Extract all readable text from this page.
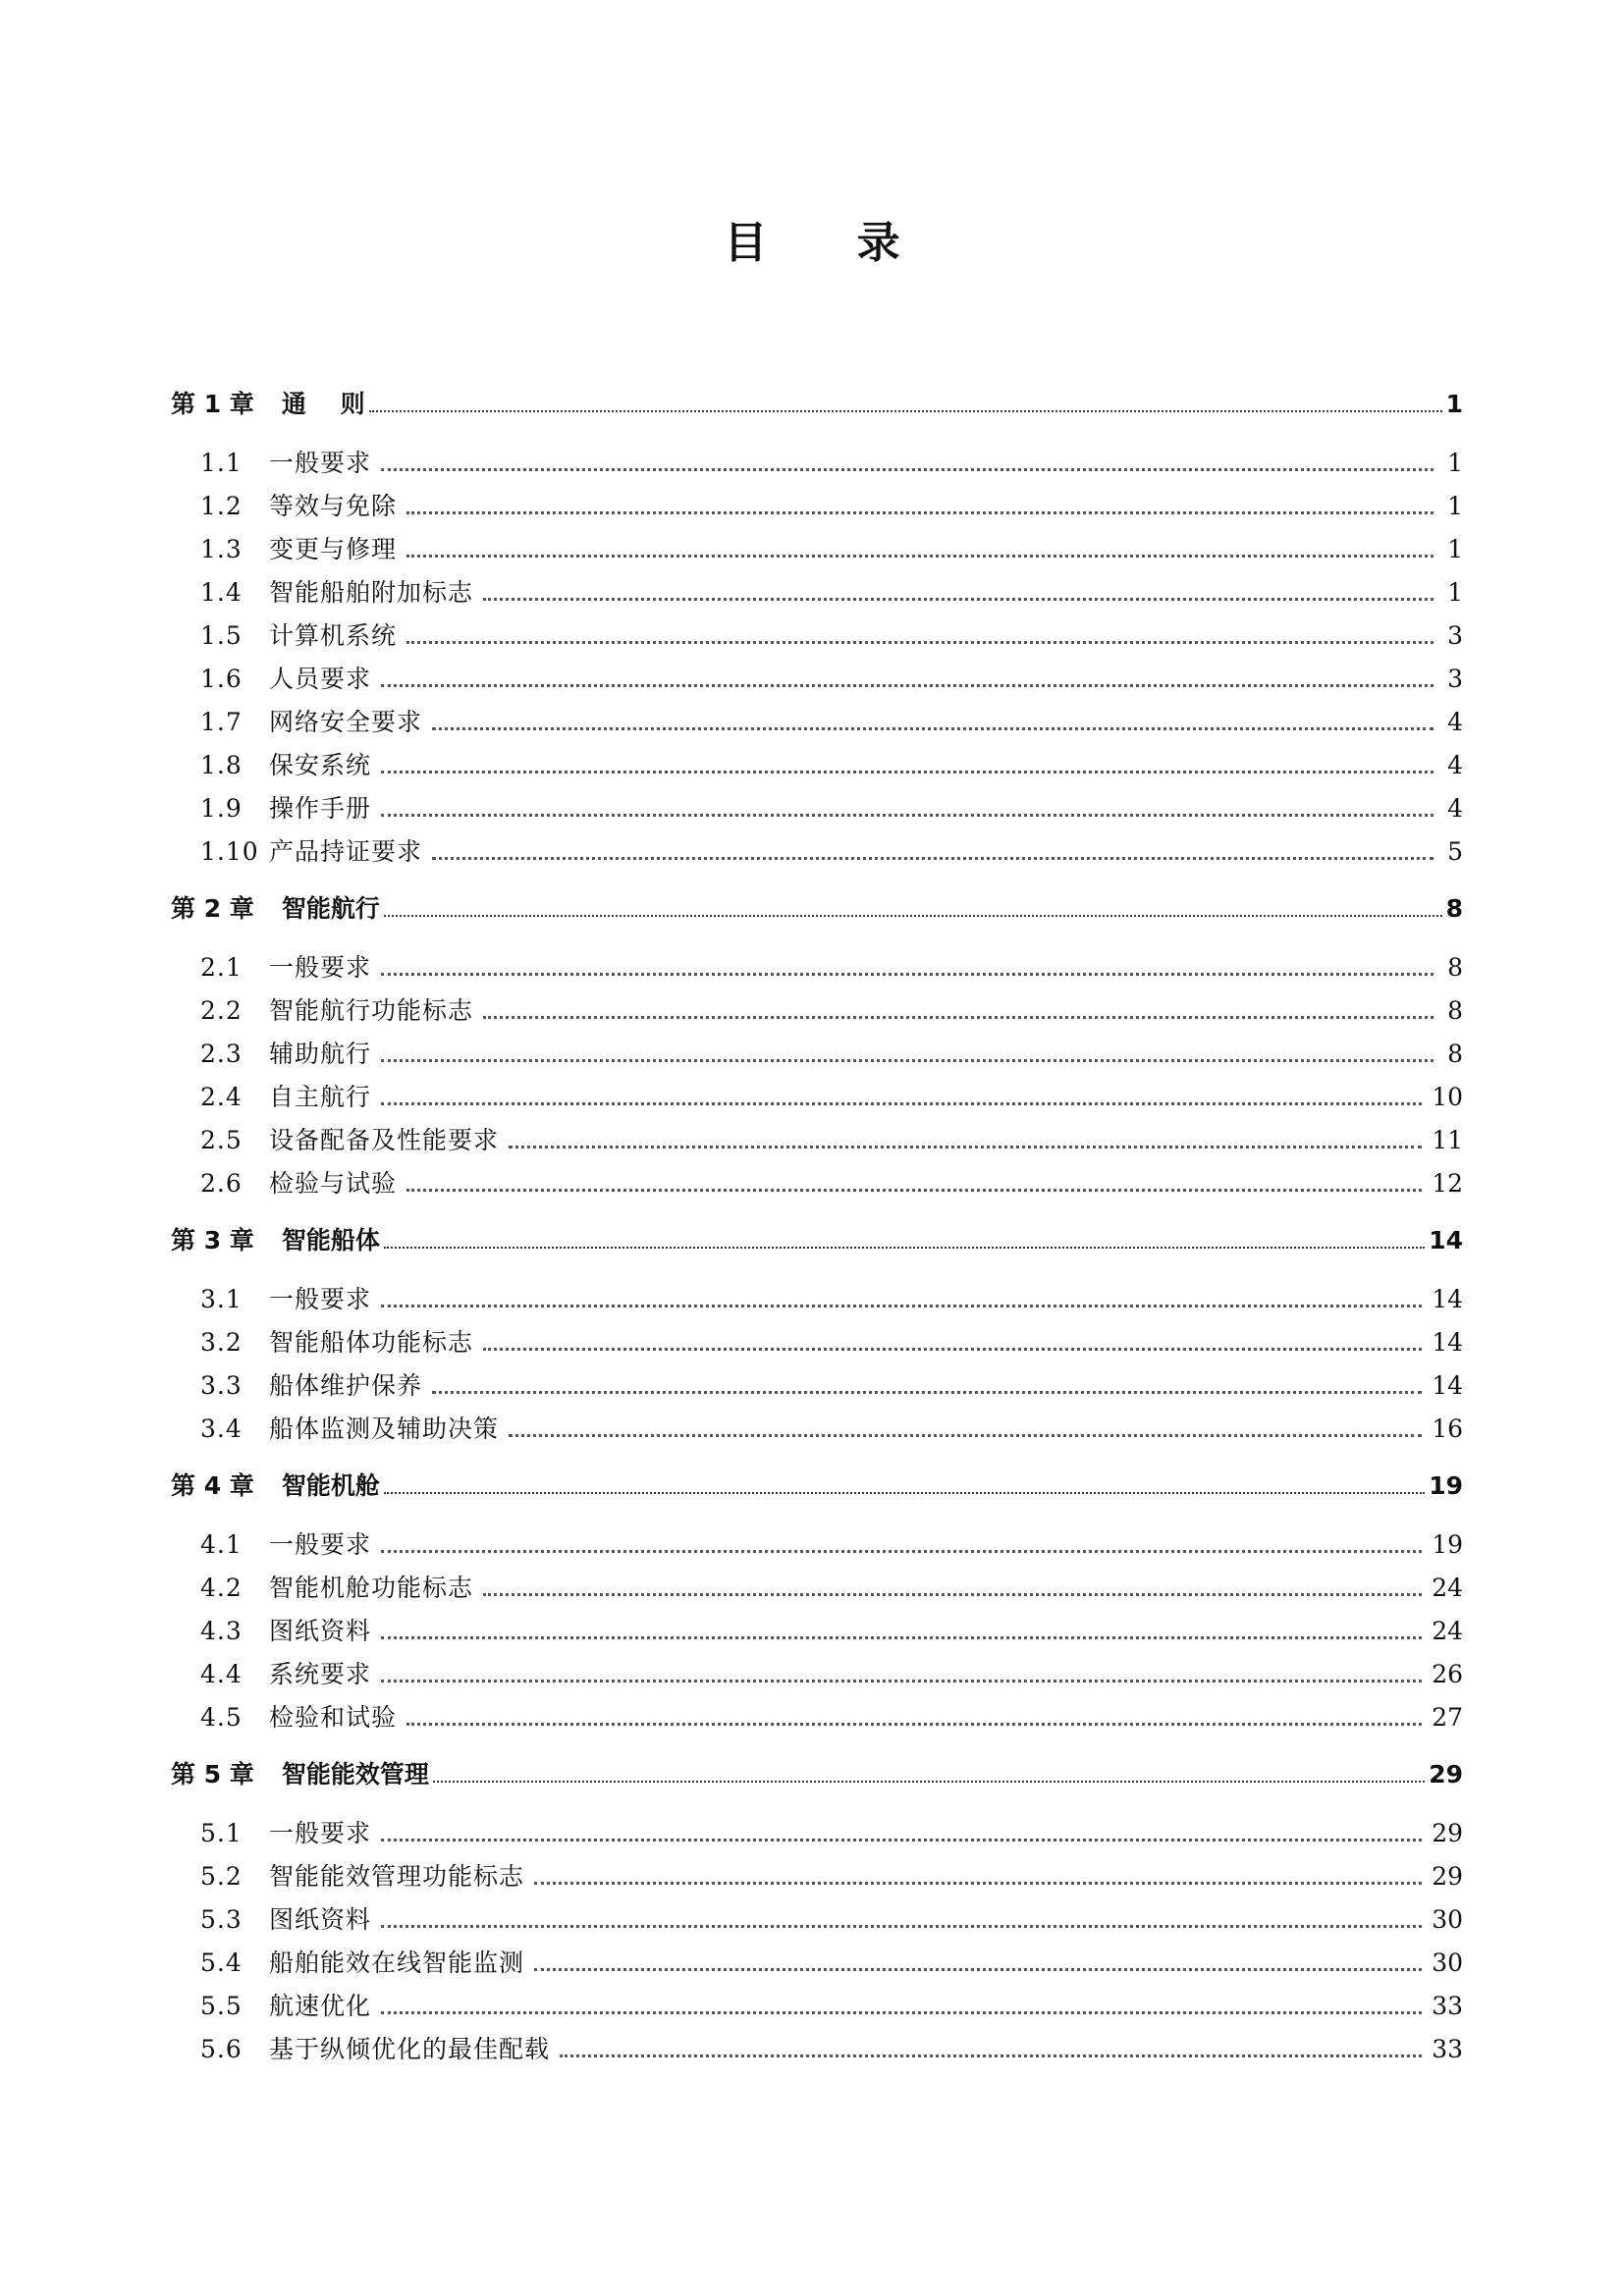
目 录
第 1 章 通    则	1
1.1	一般要求	1
1.2	等效与免除	1
1.3	变更与修理	1
1.4	智能船舶附加标志	1
1.5	计算机系统	3
1.6	人员要求	3
1.7	网络安全要求	4
1.8	保安系统	4
1.9	操作手册	4
1.10 产品持证要求	5
第 2 章 智能航行	8
2.1	一般要求	8
2.2	智能航行功能标志	8
2.3	辅助航行	8
2.4	自主航行	10
2.5	设备配备及性能要求	11
2.6	检验与试验	12
第 3 章 智能船体	14
3.1	一般要求	14
3.2	智能船体功能标志	14
3.3	船体维护保养	14
3.4	船体监测及辅助决策	16
第 4 章 智能机舱	19
4.1	一般要求	19
4.2	智能机舱功能标志	24
4.3	图纸资料	24
4.4	系统要求	26
4.5	检验和试验	27
第 5 章 智能能效管理	29
5.1	一般要求	29
5.2	智能能效管理功能标志	29
5.3	图纸资料	30
5.4	船舶能效在线智能监测	30
5.5	航速优化	33
5.6	基于纵倾优化的最佳配载	33
